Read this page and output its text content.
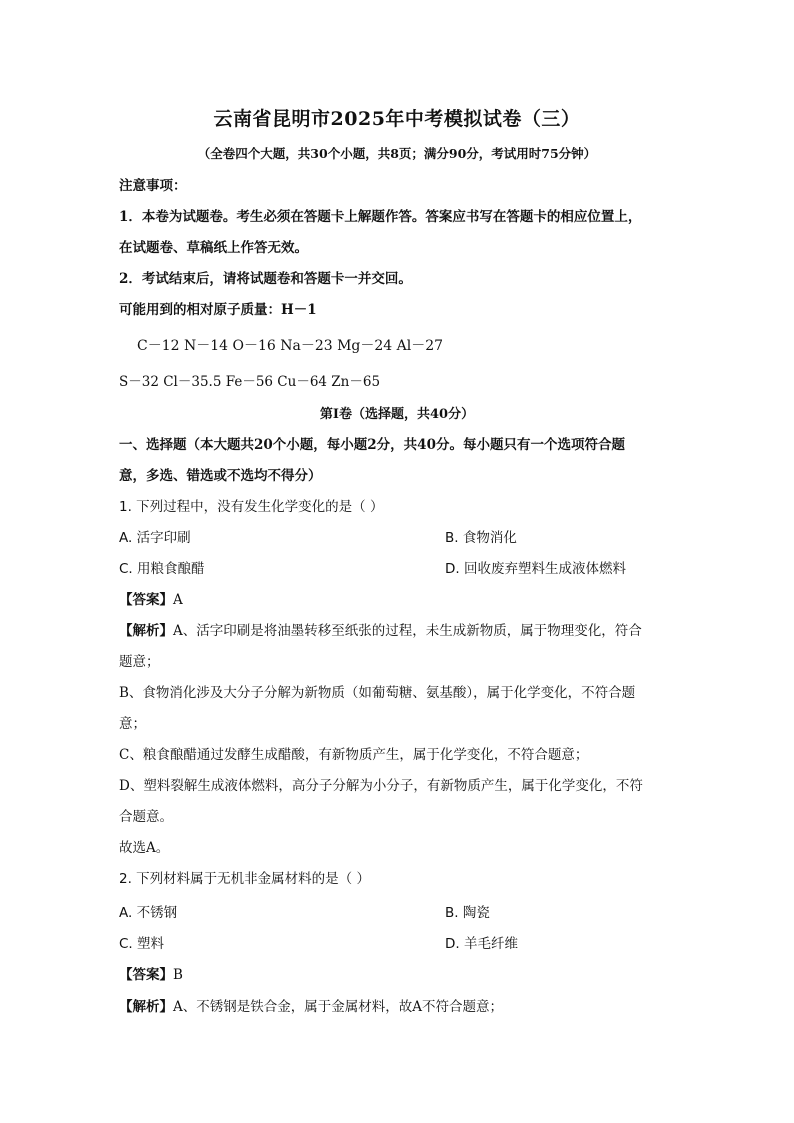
云南省昆明市2025年中考模拟试卷（三）
（全卷四个大题，共30个小题，共8页；满分90分，考试用时75分钟）
注意事项：
1．本卷为试题卷。考生必须在答题卡上解题作答。答案应书写在答题卡的相应位置上，
在试题卷、草稿纸上作答无效。
2．考试结束后，请将试题卷和答题卡一并交回。
可能用到的相对原子质量：H－1
C－12 N－14 O－16 Na－23 Mg－24 Al－27
S－32 Cl－35.5 Fe－56 Cu－64 Zn－65
第Ⅰ卷（选择题，共40分）
一、选择题（本大题共20个小题，每小题2分，共40分。每小题只有一个选项符合题
意，多选、错选或不选均不得分）
1. 下列过程中，没有发生化学变化的是（ ）
A. 活字印刷	B. 食物消化
C. 用粮食酿醋	D. 回收废弃塑料生成液体燃料
【答案】A
【解析】A、活字印刷是将油墨转移至纸张的过程，未生成新物质，属于物理变化，符合
题意；
B、食物消化涉及大分子分解为新物质（如葡萄糖、氨基酸），属于化学变化，不符合题
意；
C、粮食酿醋通过发酵生成醋酸，有新物质产生，属于化学变化，不符合题意；
D、塑料裂解生成液体燃料，高分子分解为小分子，有新物质产生，属于化学变化，不符
合题意。
故选A。
2. 下列材料属于无机非金属材料的是（ ）
A. 不锈钢	B. 陶瓷
C. 塑料	D. 羊毛纤维
【答案】B
【解析】A、不锈钢是铁合金，属于金属材料，故A不符合题意；
